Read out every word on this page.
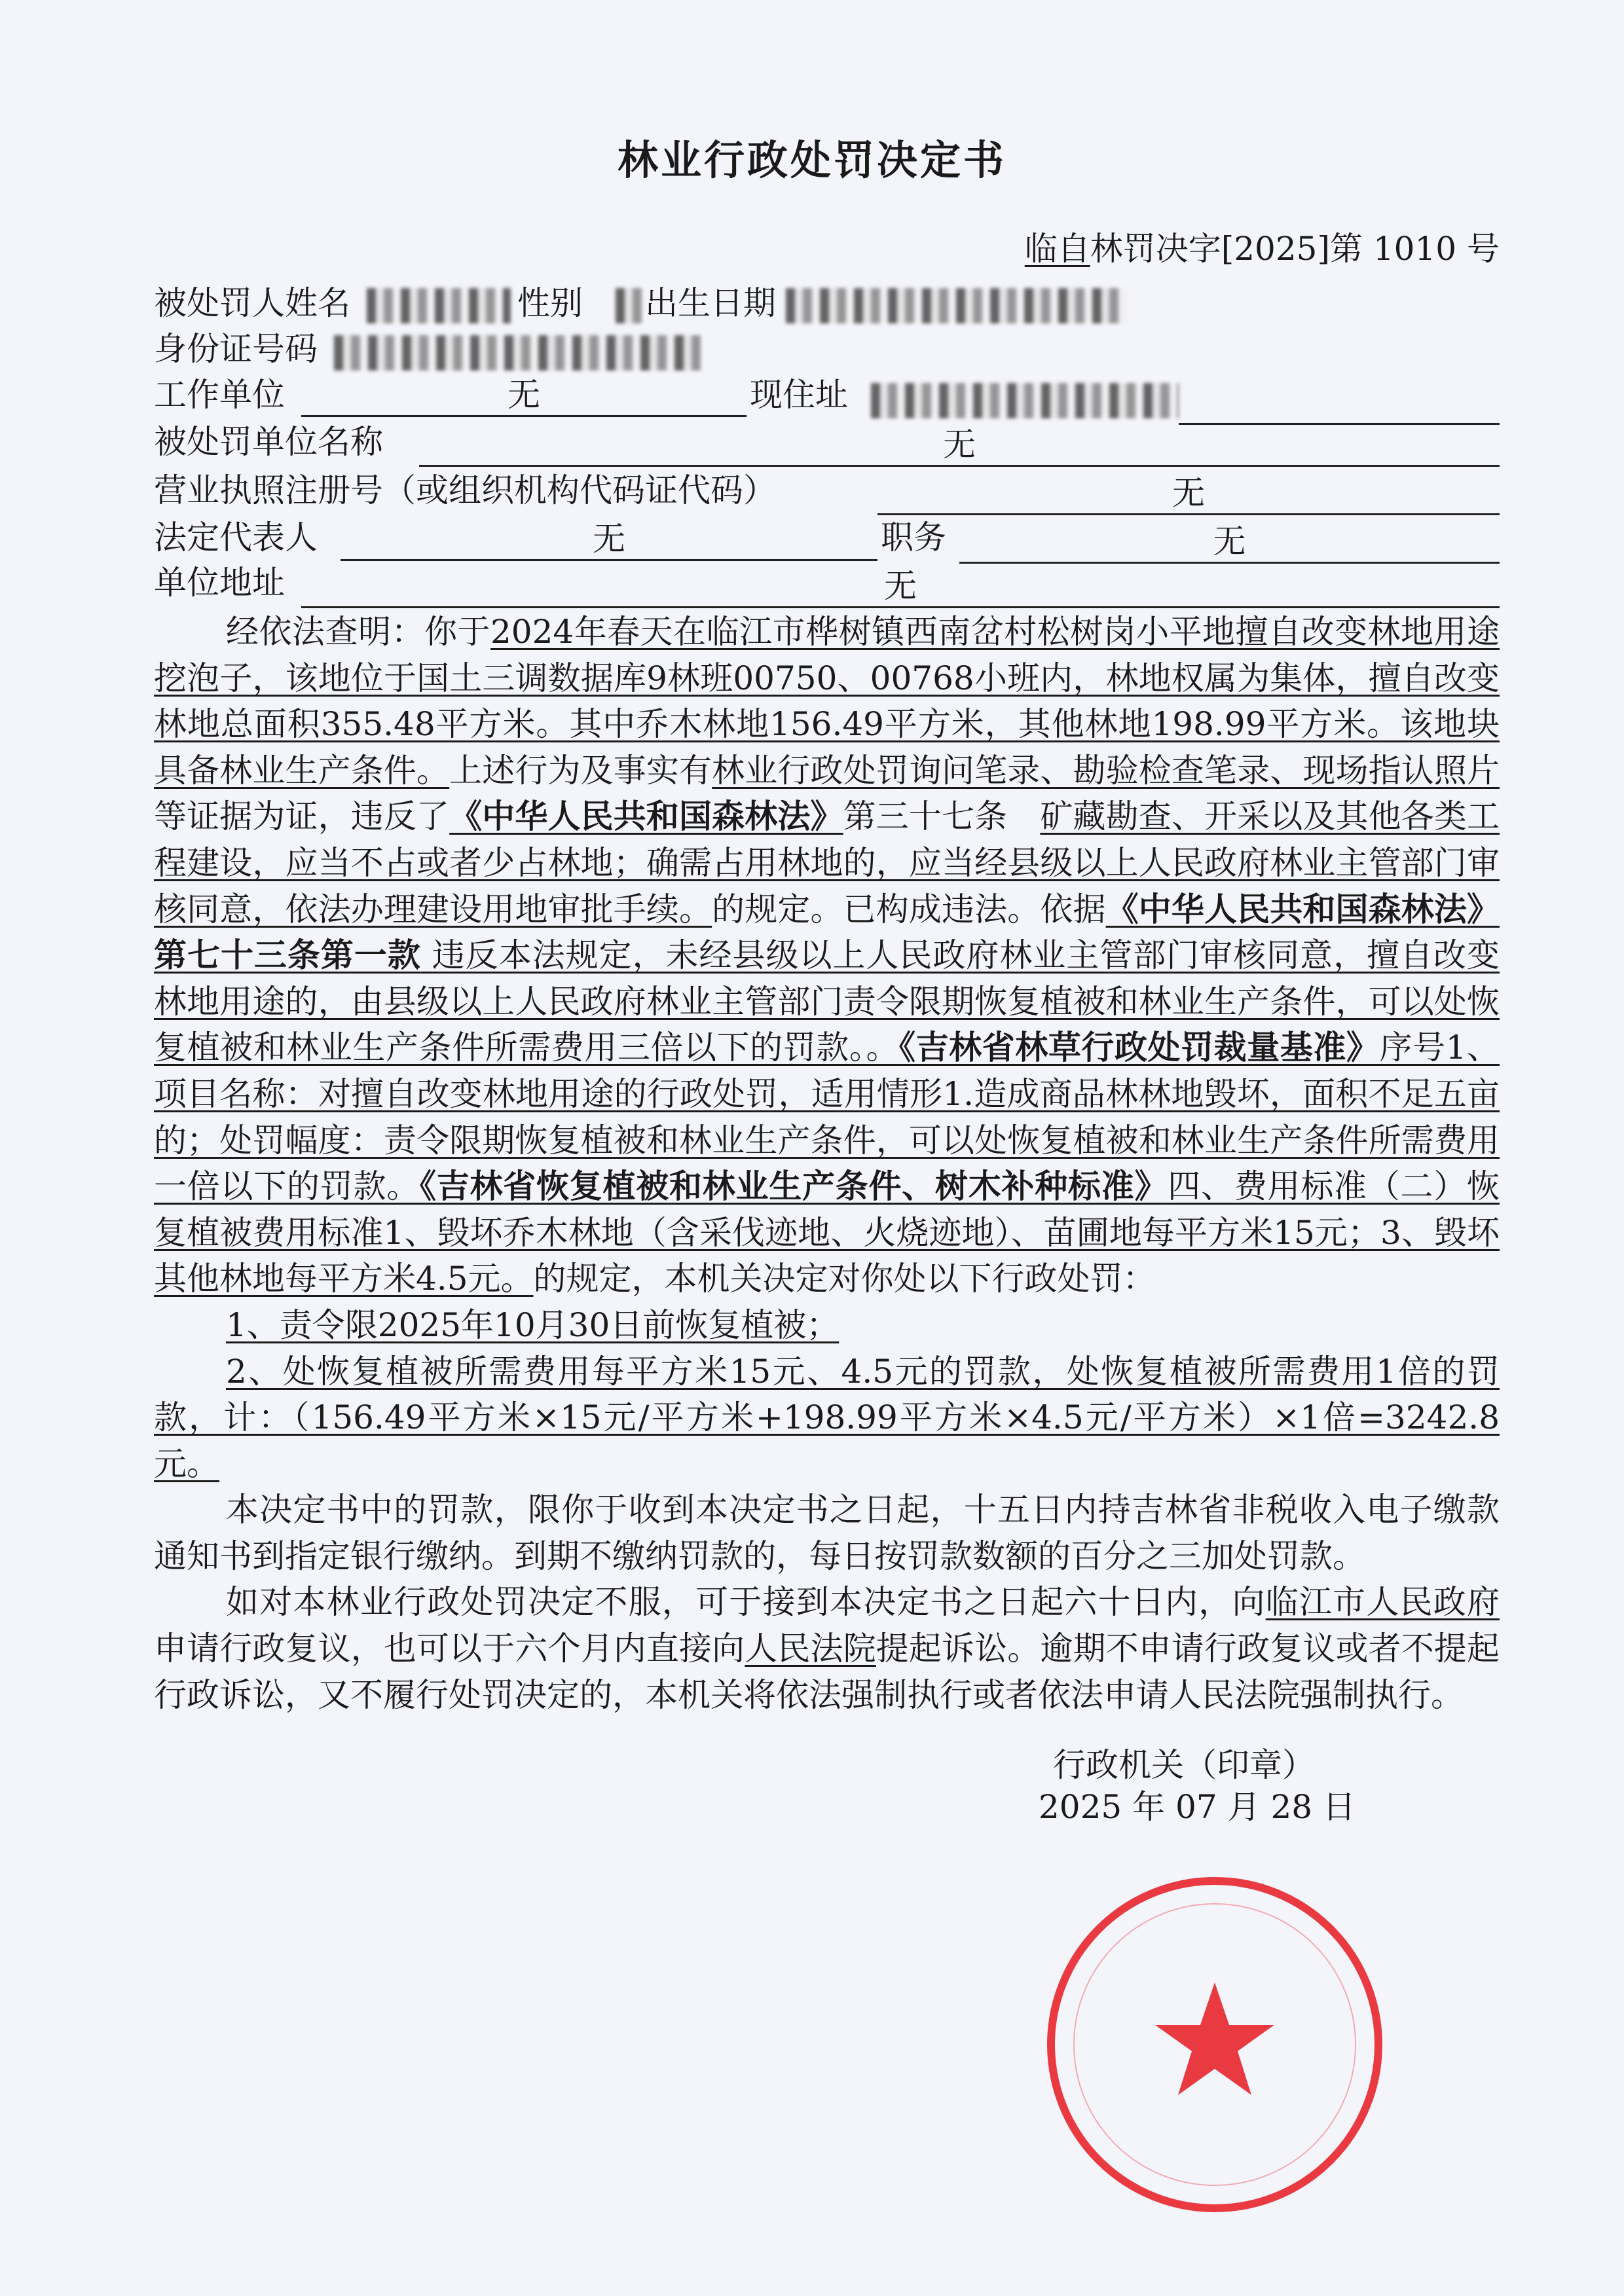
林业行政处罚决定书
临自林罚决字[2025]第 1010 号
被处罚人姓名	性别 出生日期
身份证号码
工作单位	无	现住址
被处罚单位名称	无
营业执照注册号（或组织机构代码证代码）	无
法定代表人	无	职务	无
单位地址	无

经依法查明：你于2024年春天在临江市桦树镇西南岔村松树岗小平地擅自改变林地用途挖泡子，该地位于国土三调数据库9林班00750、00768小班内，林地权属为集体，擅自改变林地总面积355.48平方米。其中乔木林地156.49平方米，其他林地198.99平方米。该地块具备林业生产条件。上述行为及事实有林业行政处罚询问笔录、勘验检查笔录、现场指认照片等证据为证，违反了《中华人民共和国森林法》第三十七条　矿藏勘查、开采以及其他各类工程建设，应当不占或者少占林地；确需占用林地的，应当经县级以上人民政府林业主管部门审核同意，依法办理建设用地审批手续。的规定。已构成违法。依据《中华人民共和国森林法》第七十三条第一款 违反本法规定，未经县级以上人民政府林业主管部门审核同意，擅自改变林地用途的，由县级以上人民政府林业主管部门责令限期恢复植被和林业生产条件，可以处恢复植被和林业生产条件所需费用三倍以下的罚款。。《吉林省林草行政处罚裁量基准》序号1、项目名称：对擅自改变林地用途的行政处罚，适用情形1.造成商品林林地毁坏，面积不足五亩的；处罚幅度：责令限期恢复植被和林业生产条件，可以处恢复植被和林业生产条件所需费用一倍以下的罚款。《吉林省恢复植被和林业生产条件、树木补种标准》四、费用标准（二）恢复植被费用标准1、毁坏乔木林地（含采伐迹地、火烧迹地）、苗圃地每平方米15元；3、毁坏其他林地每平方米4.5元。的规定，本机关决定对你处以下行政处罚：

1、责令限2025年10月30日前恢复植被；

2、处恢复植被所需费用每平方米15元、4.5元的罚款，处恢复植被所需费用1倍的罚款，计：（156.49平方米×15元/平方米+198.99平方米×4.5元/平方米）×1倍=3242.8元。

本决定书中的罚款，限你于收到本决定书之日起，十五日内持吉林省非税收入电子缴款通知书到指定银行缴纳。到期不缴纳罚款的，每日按罚款数额的百分之三加处罚款。

如对本林业行政处罚决定不服，可于接到本决定书之日起六十日内，向临江市人民政府申请行政复议，也可以于六个月内直接向人民法院提起诉讼。逾期不申请行政复议或者不提起行政诉讼，又不履行处罚决定的，本机关将依法强制执行或者依法申请人民法院强制执行。

行政机关（印章）
2025 年 07 月 28 日
